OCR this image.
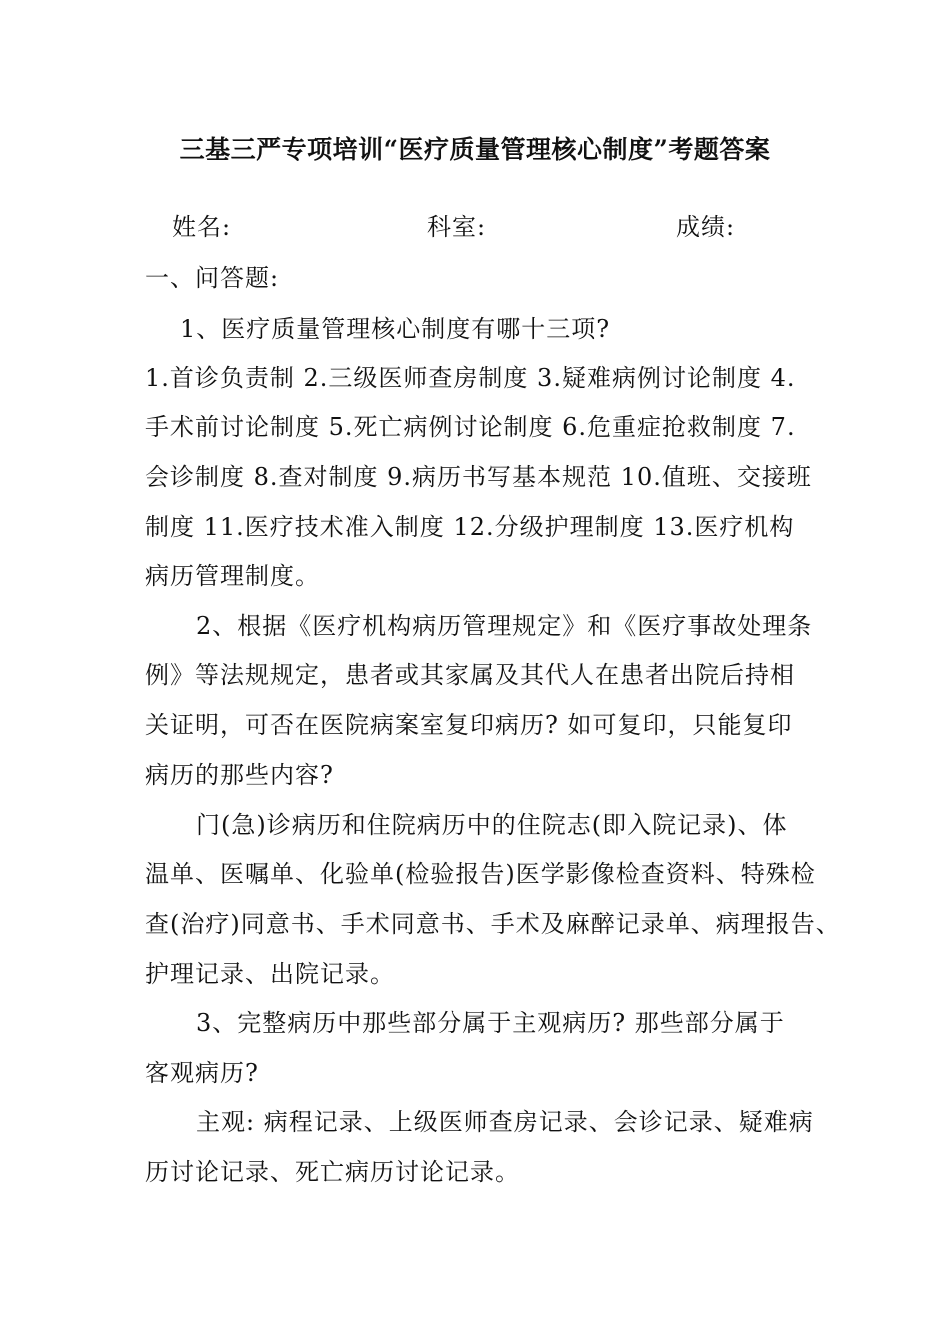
三基三严专项培训“医疗质量管理核心制度”考题答案
姓名:	科室:	成绩:
一、问答题:
1、医疗质量管理核心制度有哪十三项?
1.首诊负责制 2.三级医师查房制度 3.疑难病例讨论制度 4.
手术前讨论制度 5.死亡病例讨论制度 6.危重症抢救制度 7.
会诊制度 8.查对制度 9.病历书写基本规范 10.值班、交接班
制度 11.医疗技术准入制度 12.分级护理制度 13.医疗机构
病历管理制度。
2、根据《医疗机构病历管理规定》和《医疗事故处理条
例》等法规规定，患者或其家属及其代人在患者出院后持相
关证明，可否在医院病案室复印病历? 如可复印，只能复印
病历的那些内容?
门(急)诊病历和住院病历中的住院志(即入院记录)、体
温单、医嘱单、化验单(检验报告)医学影像检查资料、特殊检
查(治疗)同意书、手术同意书、手术及麻醉记录单、病理报告、
护理记录、出院记录。
3、完整病历中那些部分属于主观病历? 那些部分属于
客观病历?
主观: 病程记录、上级医师查房记录、会诊记录、疑难病
历讨论记录、死亡病历讨论记录。
